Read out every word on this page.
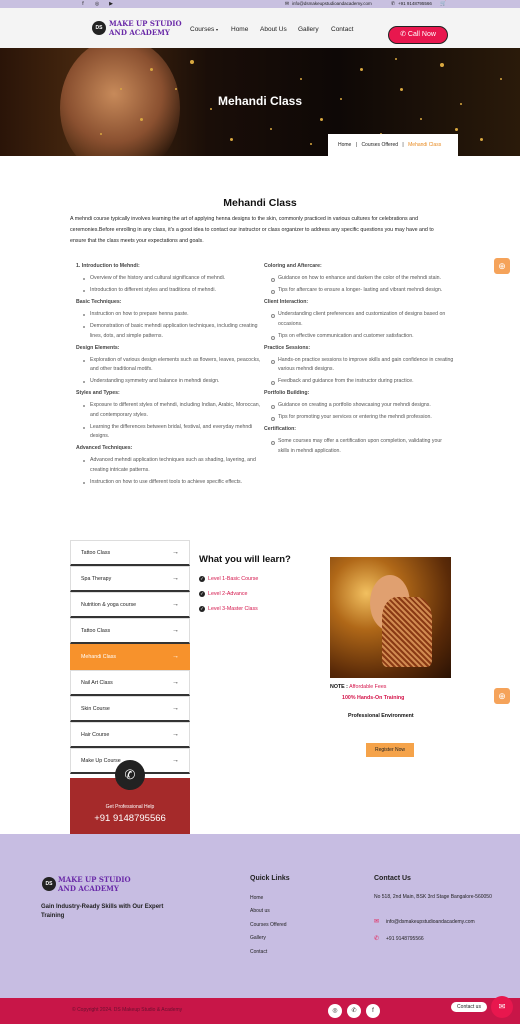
f	◎ ▶	✉ info@dsmakeupstudioandacademy.com	✆ +91 9148795566 🛒
DS MAKE UP STUDIO
AND ACADEMY	Courses ▾ Home About Us Gallery Contact
✆ Call Now
Mehandi Class
Home | Courses Offered | Mehandi Class
Mehandi Class
A mehndi course typically involves learning the art of applying henna designs to the skin, commonly practiced in various cultures for celebrations and ceremonies.Before enrolling in any class, it's a good idea to contact our instructor or class organizer to address any specific questions you may have and to ensure that the class meets your expectations and goals.
1. Introduction to Mehndi:
Overview of the history and cultural significance of mehndi.
Introduction to different styles and traditions of mehndi.
Basic Techniques:
Instruction on how to prepare henna paste.
Demonstration of basic mehndi application techniques, including creating lines, dots, and simple patterns.
Design Elements:
Exploration of various design elements such as flowers, leaves, peacocks, and other traditional motifs.
Understanding symmetry and balance in mehndi design.
Styles and Types:
Exposure to different styles of mehndi, including Indian, Arabic, Moroccan, and contemporary styles.
Learning the differences between bridal, festival, and everyday mehndi designs.
Advanced Techniques:
Advanced mehndi application techniques such as shading, layering, and creating intricate patterns.
Instruction on how to use different tools to achieve specific effects.
Coloring and Aftercare:
Guidance on how to enhance and darken the color of the mehndi stain.
Tips for aftercare to ensure a longer- lasting and vibrant mehndi design.
Client Interaction:
Understanding client preferences and customization of designs based on occasions.
Tips on effective communication and customer satisfaction.
Practice Sessions:
Hands-on practice sessions to improve skills and gain confidence in creating various mehndi designs.
Feedback and guidance from the instructor during practice.
Portfolio Building:
Guidance on creating a portfolio showcasing your mehndi designs.
Tips for promoting your services or entering the mehndi profession.
Certification:
Some courses may offer a certification upon completion, validating your skills in mehndi application.
⊕
⊕
Tattoo Class	→
Spa Therapy	→
Nutrition & yoga course	→
Tattoo Class	→
Mehandi Class	→
Nail Art Class	→
Skin Course	→
Hair Course	→
Make Up Course	→
✆
Get Professional Help
+91 9148795566
What you will learn?
✓ Level 1-Basic Course
✓ Level 2-Advance
✓ Level 3-Master Class
NOTE : Affordable Fees
100% Hands-On Training
Professional Environment
Register Now
DS MAKE UP STUDIO
AND ACADEMY
Gain Industry-Ready Skills with Our Expert Training
Quick Links
Home
About us
Courses Offered
Gallery
Contact
Contact Us
No 518, 2nd Main, BSK 3rd Stage Bangalore-560050
✉ info@dsmakeupstudioandacademy.com
✆ +91 9148795566
© Copyright 2024. DS Makeup Studio & Academy	◎	✆	f
Contact us	✉
